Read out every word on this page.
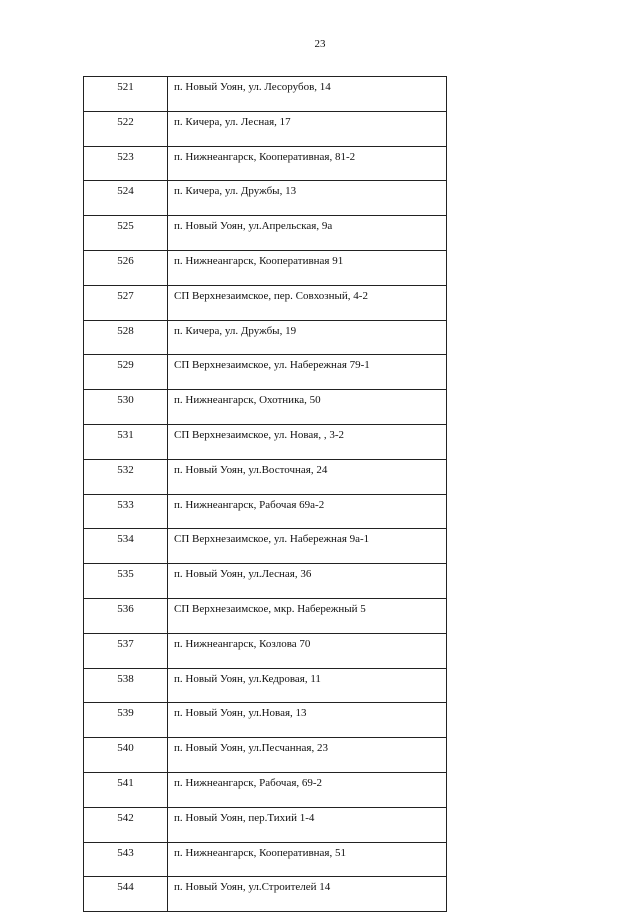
23
521	п. Новый Уоян, ул. Лесорубов, 14
522	п. Кичера, ул. Лесная, 17
523	п. Нижнеангарск, Кооперативная, 81-2
524	п. Кичера, ул. Дружбы, 13
525	п. Новый Уоян, ул.Апрельская, 9а
526	п. Нижнеангарск, Кооперативная 91
527	СП Верхнезаимское, пер. Совхозный, 4-2
528	п. Кичера, ул. Дружбы, 19
529	СП Верхнезаимское, ул. Набережная 79-1
530	п. Нижнеангарск, Охотника, 50
531	СП Верхнезаимское, ул. Новая, , 3-2
532	п. Новый Уоян, ул.Восточная, 24
533	п. Нижнеангарск, Рабочая 69а-2
534	СП Верхнезаимское, ул. Набережная 9а-1
535	п. Новый Уоян, ул.Лесная, 36
536	СП Верхнезаимское, мкр. Набережный 5
537	п. Нижнеангарск, Козлова 70
538	п. Новый Уоян, ул.Кедровая, 11
539	п. Новый Уоян, ул.Новая, 13
540	п. Новый Уоян, ул.Песчанная, 23
541	п. Нижнеангарск, Рабочая, 69-2
542	п. Новый Уоян, пер.Тихий 1-4
543	п. Нижнеангарск, Кооперативная, 51
544	п. Новый Уоян, ул.Строителей 14
